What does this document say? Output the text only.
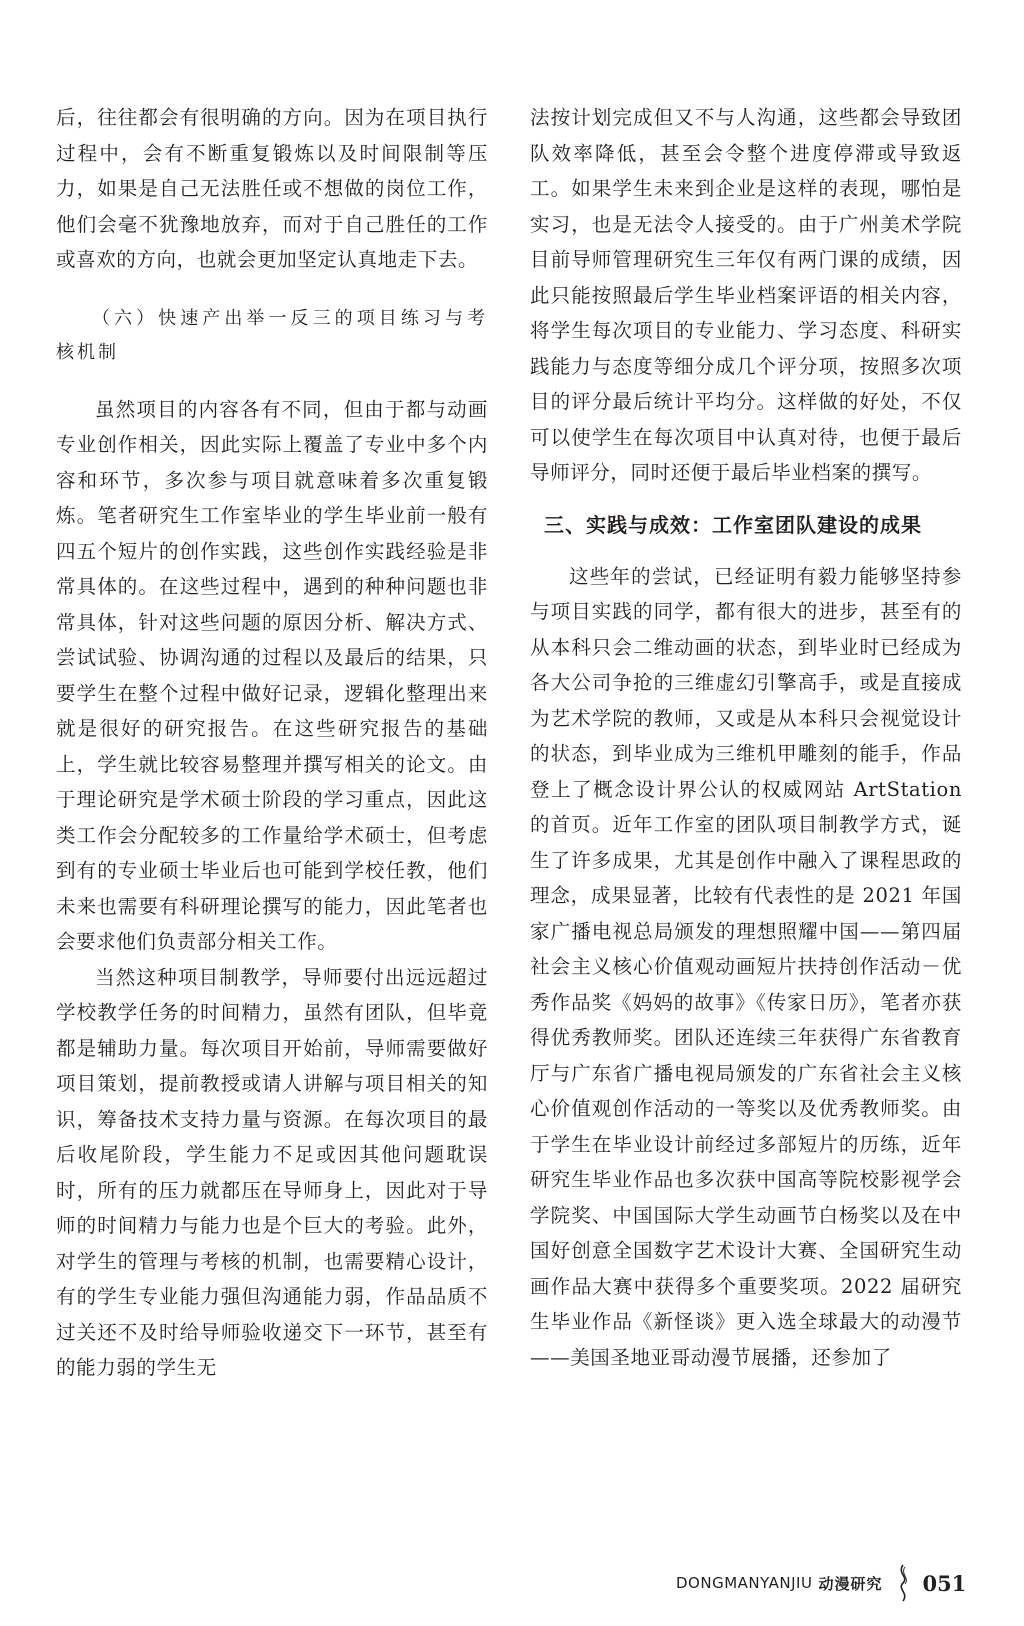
后，往往都会有很明确的方向。因为在项目执行过程中，会有不断重复锻炼以及时间限制等压力，如果是自己无法胜任或不想做的岗位工作，他们会毫不犹豫地放弃，而对于自己胜任的工作或喜欢的方向，也就会更加坚定认真地走下去。

（六）快速产出举一反三的项目练习与考核机制

虽然项目的内容各有不同，但由于都与动画专业创作相关，因此实际上覆盖了专业中多个内容和环节，多次参与项目就意味着多次重复锻炼。笔者研究生工作室毕业的学生毕业前一般有四五个短片的创作实践，这些创作实践经验是非常具体的。在这些过程中，遇到的种种问题也非常具体，针对这些问题的原因分析、解决方式、尝试试验、协调沟通的过程以及最后的结果，只要学生在整个过程中做好记录，逻辑化整理出来就是很好的研究报告。在这些研究报告的基础上，学生就比较容易整理并撰写相关的论文。由于理论研究是学术硕士阶段的学习重点，因此这类工作会分配较多的工作量给学术硕士，但考虑到有的专业硕士毕业后也可能到学校任教，他们未来也需要有科研理论撰写的能力，因此笔者也会要求他们负责部分相关工作。

当然这种项目制教学，导师要付出远远超过学校教学任务的时间精力，虽然有团队，但毕竟都是辅助力量。每次项目开始前，导师需要做好项目策划，提前教授或请人讲解与项目相关的知识，筹备技术支持力量与资源。在每次项目的最后收尾阶段，学生能力不足或因其他问题耽误时，所有的压力就都压在导师身上，因此对于导师的时间精力与能力也是个巨大的考验。此外，对学生的管理与考核的机制，也需要精心设计，有的学生专业能力强但沟通能力弱，作品品质不过关还不及时给导师验收递交下一环节，甚至有的能力弱的学生无

法按计划完成但又不与人沟通，这些都会导致团队效率降低，甚至会令整个进度停滞或导致返工。如果学生未来到企业是这样的表现，哪怕是实习，也是无法令人接受的。由于广州美术学院目前导师管理研究生三年仅有两门课的成绩，因此只能按照最后学生毕业档案评语的相关内容，将学生每次项目的专业能力、学习态度、科研实践能力与态度等细分成几个评分项，按照多次项目的评分最后统计平均分。这样做的好处，不仅可以使学生在每次项目中认真对待，也便于最后导师评分，同时还便于最后毕业档案的撰写。

三、实践与成效：工作室团队建设的成果

这些年的尝试，已经证明有毅力能够坚持参与项目实践的同学，都有很大的进步，甚至有的从本科只会二维动画的状态，到毕业时已经成为各大公司争抢的三维虚幻引擎高手，或是直接成为艺术学院的教师，又或是从本科只会视觉设计的状态，到毕业成为三维机甲雕刻的能手，作品登上了概念设计界公认的权威网站 ArtStation 的首页。近年工作室的团队项目制教学方式，诞生了许多成果，尤其是创作中融入了课程思政的理念，成果显著，比较有代表性的是 2021 年国家广播电视总局颁发的理想照耀中国——第四届社会主义核心价值观动画短片扶持创作活动－优秀作品奖《妈妈的故事》《传家日历》，笔者亦获得优秀教师奖。团队还连续三年获得广东省教育厅与广东省广播电视局颁发的广东省社会主义核心价值观创作活动的一等奖以及优秀教师奖。由于学生在毕业设计前经过多部短片的历练，近年研究生毕业作品也多次获中国高等院校影视学会学院奖、中国国际大学生动画节白杨奖以及在中国好创意全国数字艺术设计大赛、全国研究生动画作品大赛中获得多个重要奖项。2022 届研究生毕业作品《新怪谈》更入选全球最大的动漫节——美国圣地亚哥动漫节展播，还参加了

DONGMANYANJIU 动漫研究 051
